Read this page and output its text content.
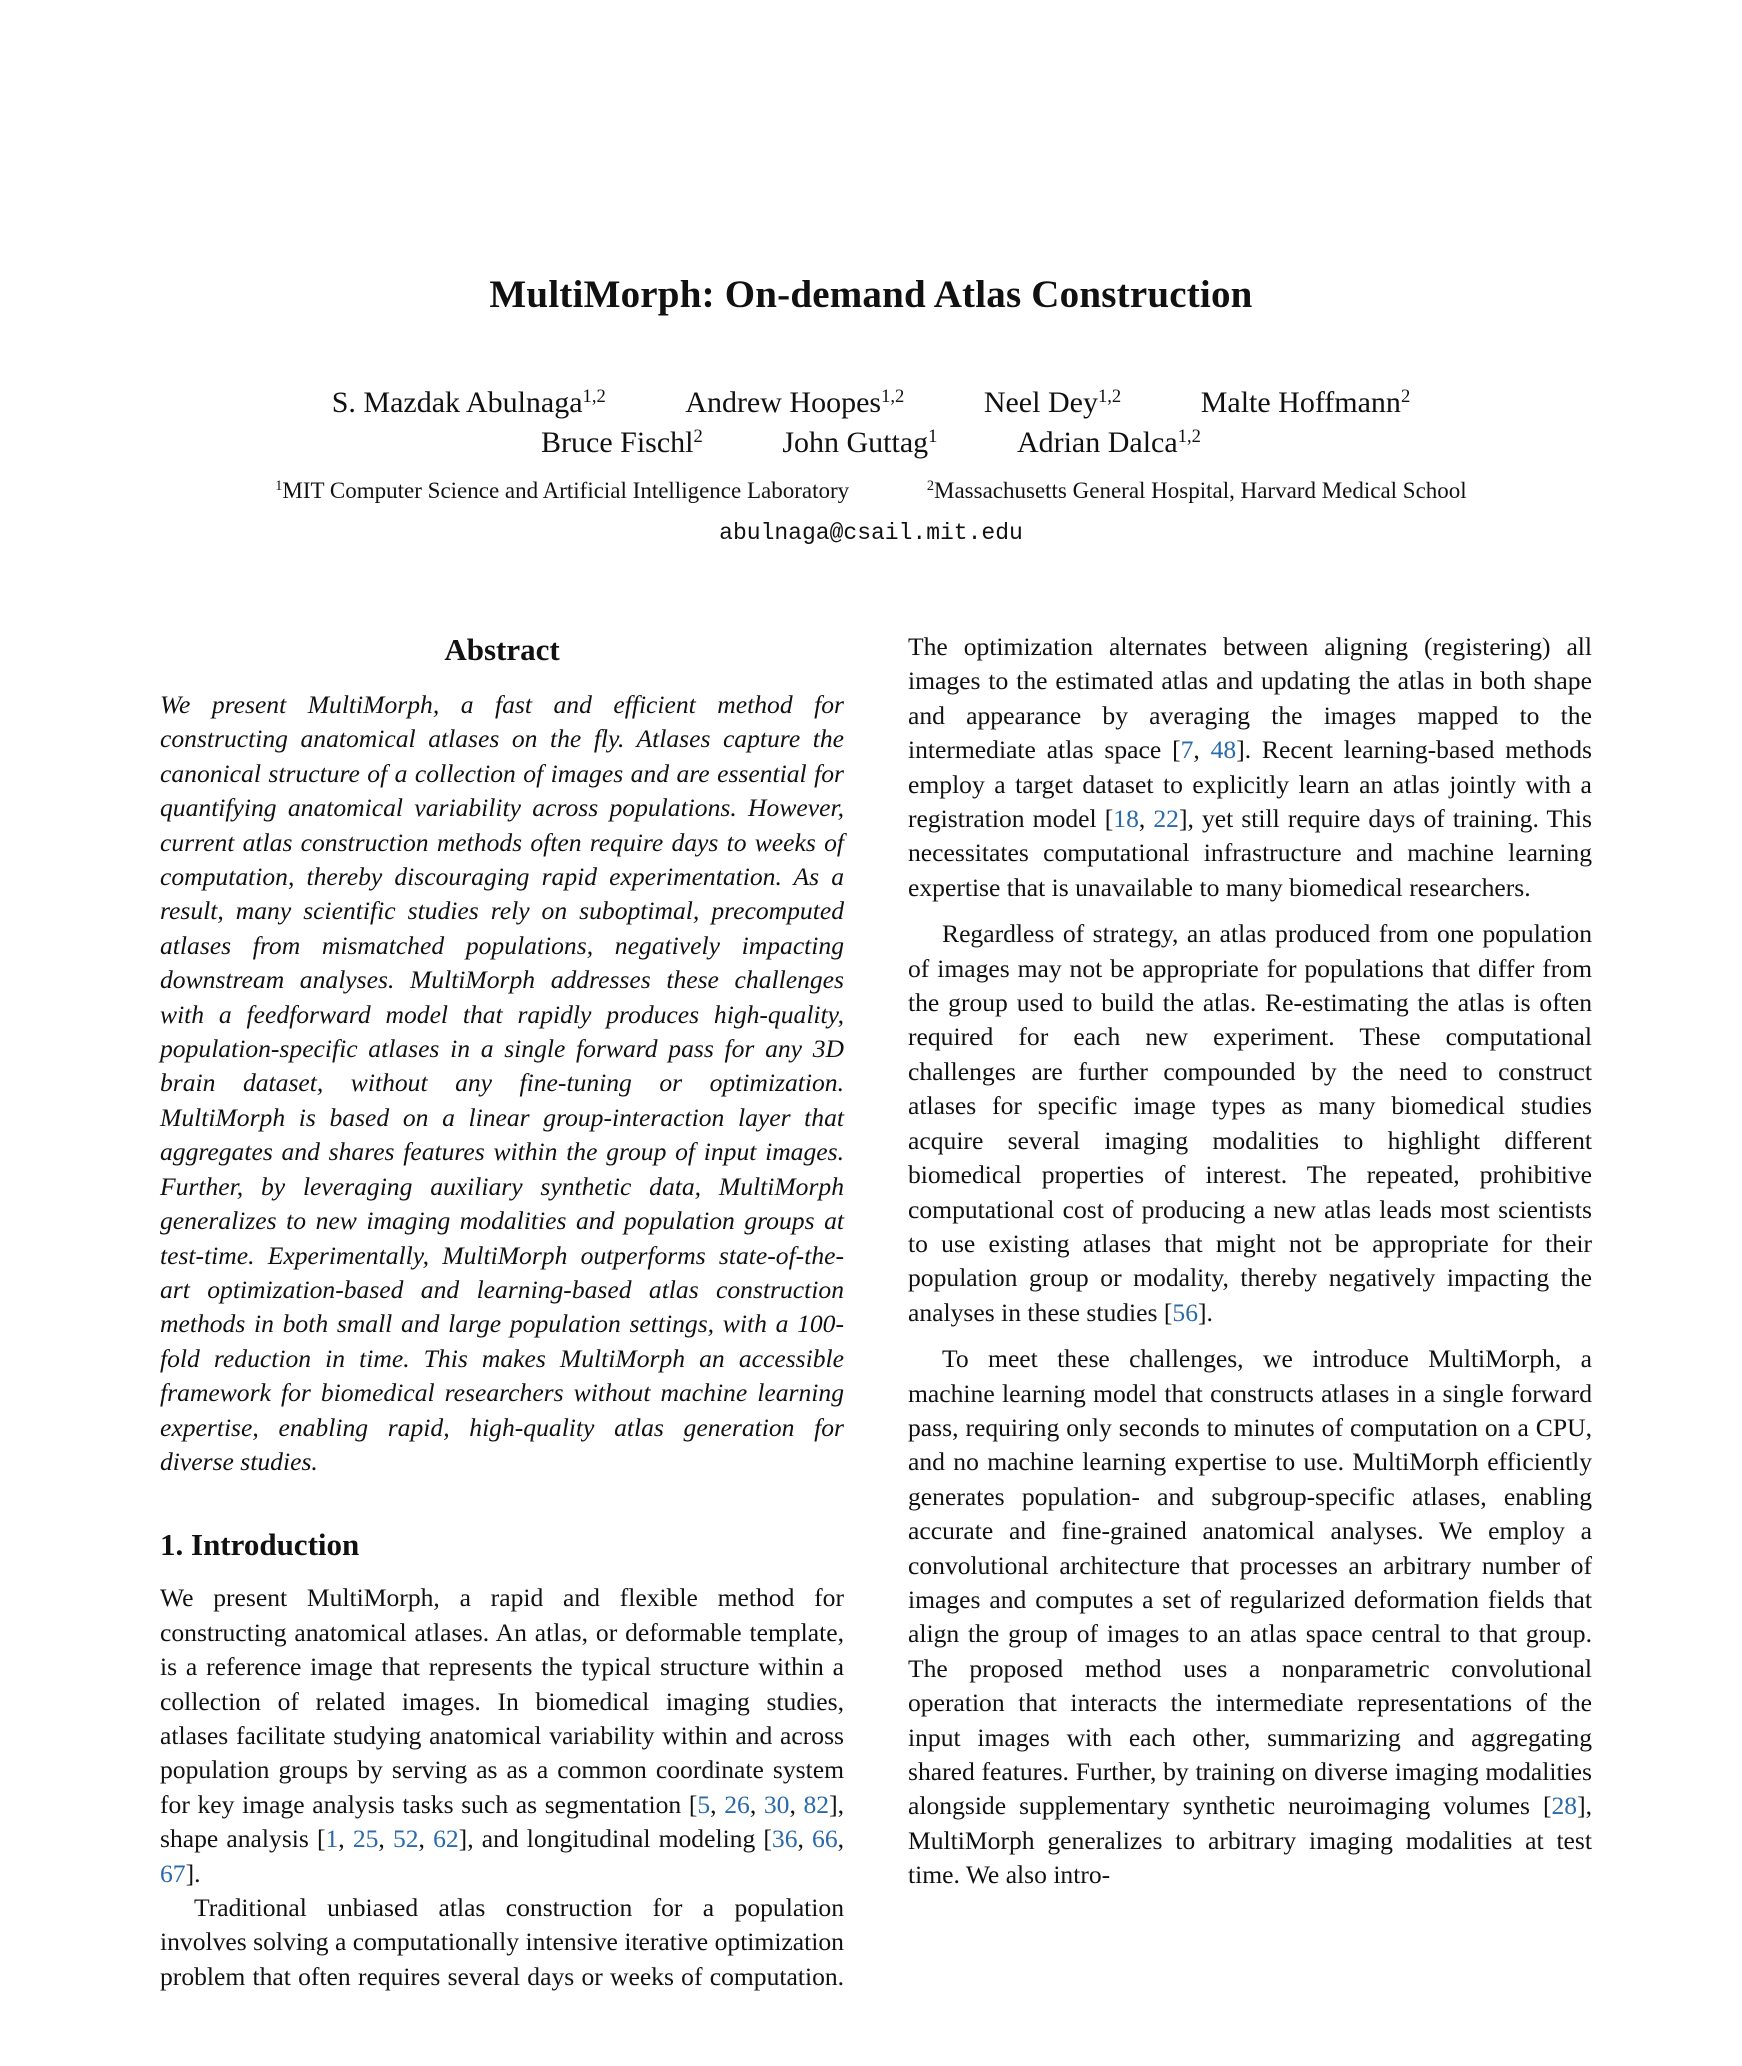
MultiMorph: On-demand Atlas Construction
S. Mazdak Abulnaga$^{1,2}$	Andrew Hoopes$^{1,2}$	Neel Dey$^{1,2}$	Malte Hoffmann$^2$
Bruce Fischl$^2$	John Guttag$^1$	Adrian Dalca$^{1,2}$
$^1$MIT Computer Science and Artificial Intelligence Laboratory	$^2$Massachusetts General Hospital, Harvard Medical School
abulnaga@csail.mit.edu
Abstract

We present MultiMorph, a fast and efficient method for constructing anatomical atlases on the fly. Atlases capture the canonical structure of a collection of images and are essential for quantifying anatomical variability across populations. However, current atlas construction methods often require days to weeks of computation, thereby discouraging rapid experimentation. As a result, many scientific studies rely on suboptimal, precomputed atlases from mismatched populations, negatively impacting downstream analyses. MultiMorph addresses these challenges with a feedforward model that rapidly produces high-quality, population-specific atlases in a single forward pass for any 3D brain dataset, without any fine-tuning or optimization. MultiMorph is based on a linear group-interaction layer that aggregates and shares features within the group of input images. Further, by leveraging auxiliary synthetic data, MultiMorph generalizes to new imaging modalities and population groups at test-time. Experimentally, MultiMorph outperforms state-of-the-art optimization-based and learning-based atlas construction methods in both small and large population settings, with a 100-fold reduction in time. This makes MultiMorph an accessible framework for biomedical researchers without machine learning expertise, enabling rapid, high-quality atlas generation for diverse studies.

1. Introduction

We present MultiMorph, a rapid and flexible method for constructing anatomical atlases. An atlas, or deformable template, is a reference image that represents the typical structure within a collection of related images. In biomedical imaging studies, atlases facilitate studying anatomical variability within and across population groups by serving as as a common coordinate system for key image analysis tasks such as segmentation [5, 26, 30, 82], shape analysis [1, 25, 52, 62], and longitudinal modeling [36, 66, 67].

Traditional unbiased atlas construction for a population involves solving a computationally intensive iterative optimization problem that often requires several days or weeks of computation.

The optimization alternates between aligning (registering) all images to the estimated atlas and updating the atlas in both shape and appearance by averaging the images mapped to the intermediate atlas space [7, 48]. Recent learning-based methods employ a target dataset to explicitly learn an atlas jointly with a registration model [18, 22], yet still require days of training. This necessitates computational infrastructure and machine learning expertise that is unavailable to many biomedical researchers.

Regardless of strategy, an atlas produced from one population of images may not be appropriate for populations that differ from the group used to build the atlas. Re-estimating the atlas is often required for each new experiment. These computational challenges are further compounded by the need to construct atlases for specific image types as many biomedical studies acquire several imaging modalities to highlight different biomedical properties of interest. The repeated, prohibitive computational cost of producing a new atlas leads most scientists to use existing atlases that might not be appropriate for their population group or modality, thereby negatively impacting the analyses in these studies [56].

To meet these challenges, we introduce MultiMorph, a machine learning model that constructs atlases in a single forward pass, requiring only seconds to minutes of computation on a CPU, and no machine learning expertise to use. MultiMorph efficiently generates population- and subgroup-specific atlases, enabling accurate and fine-grained anatomical analyses. We employ a convolutional architecture that processes an arbitrary number of images and computes a set of regularized deformation fields that align the group of images to an atlas space central to that group. The proposed method uses a nonparametric convolutional operation that interacts the intermediate representations of the input images with each other, summarizing and aggregating shared features. Further, by training on diverse imaging modalities alongside supplementary synthetic neuroimaging volumes [28], MultiMorph generalizes to arbitrary imaging modalities at test time. We also intro-
